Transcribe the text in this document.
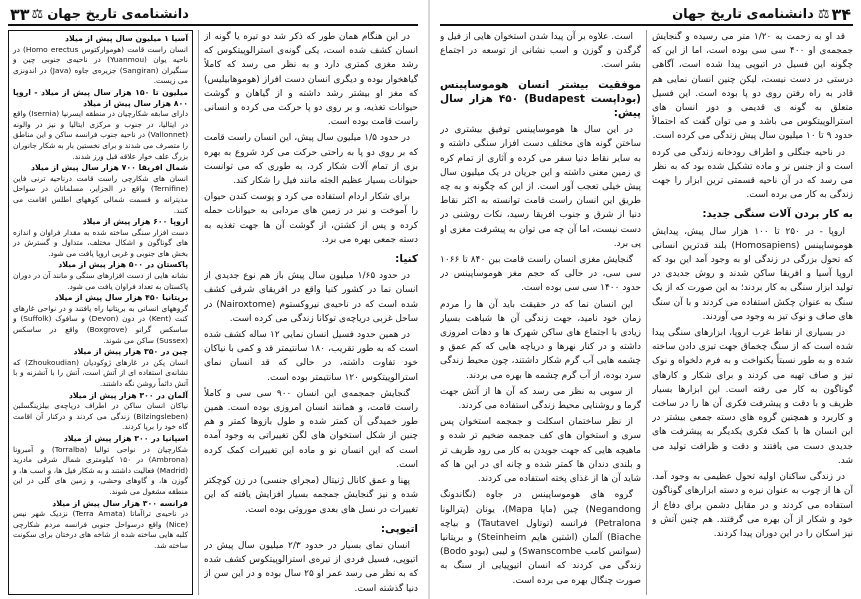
۳۳ ⚖ دانشنامه‌ی تاریخ جهان
آسیا ۱ میلیون سال پیش از میلاد
انسان راست قامت (هوموارکتوس Homo erectus) در ناحیه یوان (Yuanmou) در ناحیه‌ی جنوبی چین و سنگیران (Sangiran) جزیره‌ی جاوه (Java) در اندونزی می زیست.
میلیون تا ۱۵۰ هزار سال پیش از میلاد - اروپا ۸۰۰ هزار سال پیش از میلاد
دارای سابقه شکارچیان در منطقه ایسرنیا (Isernia) واقع در ایتالیا، در جنوب و مرکزی ایتالیا و نیز در والونه (Vallonnet) در ناحیه جنوب فرانسه ساکن و این مناطق را متصرف می شدند و برای نخستین بار به شکار جانوران بزرگ علف خوار علاقه قبل ورز شدند.
شمال افریقا ۷۰۰ هزار سال پیش از میلاد
انسان های شکارچی راست قامت درناحیه ترنی فاین (Ternifine) واقع در الجزایر، مسلمانان در سواحل مدیترانه و قسمت شمالی کوههای اطلس اقامت می کنند.
اروپا ۶۰۰ هزار پیش از میلاد
دست افزار سنگی ساخته شده به مقدار فراوان و اندازه های گوناگون و اشکال مختلف، متداول و گسترش در بخش های جنوبی و غربی اروپا یافت می شود.
پاکستان در ۵۰۰ هزار پیش از میلاد
نشانه هایی از دست افزارهای سنگی و مانند آن در دوران پاکستان به تعداد فراوان یافت می شود.
بریتانیا ۴۵۰ هزار سال پیش از میلاد
گروههای انسانی به بریتانیا راه یافتند و در نواحی غارهای کنت (Kent) در دون (Devon) و سافوک (Suffolk) و ساسکس گرانو (Boxgrove) واقع در ساسکس (Sussex) ساکن می شوند.
چین در ۳۵۰ هزار پیش از میلاد
انسان پکن در غارهای ژوکودیان (Zhoukoudian) که نشانه‌ی استفاده ای از آتش است، آتش را با آتشزنه و با آتش دائماً روشن نگه داشتند.
آلمان در ۳۰۰ هزار پیش از میلاد
نیاکان انسان ساکن در اطراف دریاچه‌ی بیلزینگسلبن (Bilzingsleben) زندگی می کردند و درکنار آن اقامت گاه خود را برپا کردند.
اسپانیا در ۳۰۰ هزار پیش از میلاد
شکارچیان در نواحی توالبا (Torralba) و آمبرونا (Ambrona) در ۱۵۰ کیلومتری شمال شرقی مادرید (Madrid) فعالیت داشتند و به شکار فیل ها، و اسب ها، و گوزن ها، و گاوهای وحشی، و زمین های گلی در این منطقه مشغول می شوند.
فرانسه ۳۰۰ هزار سال پیش از میلاد
در ناحیه‌ی تراآماتا (Terra Amata) نزدیک شهر نیس (Nice) واقع درسواحل جنوبی فرانسه مردم شکارچی کلبه هایی ساخته شده از شاخه های درختان برای سکونت ساخته شد.

در این هنگام همان طور که ذکر شد دو تیره یا گونه از انسان کشف شده است، یکی گونه‌ی استرالوپیتکوس که رشد مغزی کمتری دارد و به نظر می رسد که کاملاً گیاهخوار بوده و دیگری انسان دست افراز (هوموهابیلیس) که مغز او بیشتر رشد داشته و از گیاهان و گوشت حیوانات تغذیه، و بر روی دو پا حرکت می کرده و انسانی راست قامت بوده است.

در حدود ۱/۵ میلیون سال پیش، این انسان راست قامت که بر روی دو پا به راحتی حرکت می کرد شروع به بهره بری از تمام آلات شکار کرد، به طوری که می توانست حیوانات بسیار عظیم الجثه مانند فیل را شکار کند.

برای شکار اردام استفاده می کرد و پوست کندن حیوان را آموخت و نیز در زمین های مردابی به حیوانات حمله کرده و پس از کشتن، از گوشت آن ها جهت تغذیه به دسته جمعی بهره می برد.

کنیا:

در حدود ۱/۶۵ میلیون سال پیش باز هم نوع جدیدی از انسان نما در کشور کنیا واقع در افریقای شرقی کشف شده است که در ناحیه‌ی نیروکستوم (Nairoxtome) در ساحل غربی دریاچه‌ی توکانا زندگی می کرده است.

در همین حدود فسیل انسان نمایی ۱۲ ساله کشف شده است که به طور تقریب، ۱۸۰ سانتیمتر قد و کمی با نیاکان خود تفاوت داشته، در حالی که قد انسان نمای استرالوپیتکوس ۱۲۰ سانتیمتر بوده است.

گنجایش جمجمه‌ی این انسان ۹۰۰ سی سی و کاملاً راست قامت، و همانند انسان امروزی بوده است. همین طور خمیدگی آن کمتر شده و طول بازوها کمتر و هم چنین از شکل استخوان های لگن تغییراتی به وجود آمده است که این انسان نو و ماده این تغییرات کمک کرده است.

پهنا و عمق کانال ژنیتال (مجرای جنسی) در زن کوچکتر شده و نیز گنجایش جمجمه بسیار افزایش یافته که این تغییرات در نسل های بعدی موروثی بوده است.

اتیوپی:

انسان نمای بسیار در حدود ۲/۳ میلیون سال پیش در اتیوپی، فسیل فردی از تیره‌ی استرالوپیتکوس کشف شده که به نظر می رسد عمر او ۲۵ سال بوده و در این سن از دنیا گذشته است.

دانشنامه‌ی تاریخ جهان ⚖ ۳۴

است. علاوه بر آن پیدا شدن استخوان هایی از فیل و گرگدن و گوزن و اسب نشانی از توسعه در اجتماع بشر است.

موفقیت بیشتر انسان هوموساپینس (بوداپست Budapest) ۴۵۰ هزار سال پیش:

در این سال ها هوموساپینس توفیق بیشتری در ساختن گونه های مختلف دست افزار سنگی داشته و به سایر نقاط دنیا سفر می کرده و آثاری از تمام کره ی زمین معنی داشته و این جریان در یک میلیون سال پیش خیلی تعجب آور است. از این که چگونه و به چه طریق این انسان راست قامت توانسته به اکثر نقاط دنیا از شرق و جنوب افریقا رسید، نکات روشنی در دست نیست، اما آن چه می توان به پیشرفت مغزی او پی برد.

گنجایش مغزی انسان راست قامت بین ۸۴۰ تا ۱۰۶۶ سی سی، در حالی که حجم مغز هوموساپینس در حدود ۱۴۰۰ سی سی بوده است.

این انسان نما که در حقیقت باید آن ها را مردم زمان خود نامید، جهت زندگی آن ها شباهت بسیار زیادی با اجتماع های ساکن شهرک ها و دهات امروزی داشته و در کنار نهرها و دریاچه هایی که کم عمق و چشمه هایی آب گرم شکار داشتند، چون محیط زندگی سرد بوده، از آب گرم چشمه ها بهره می بردند.

از سویی به نظر می رسد که آن ها از آتش جهت گرما و روشنایی محیط زندگی استفاده می کردند.

از نظر ساختمان اسکلت و جمجمه استخوان پس سری و استخوان های کف جمجمه ضخیم تر شده و ماهیچه هایی که جهت جویدن به کار می رود ظریف تر و بلندی دندان ها کمتر شده و چانه ای در این ها که شاید آن ها از غذای پخته استفاده می کردند.

گروه های هوموساپینس در جاوه (نگاندونگ Negandong) چین (ماپا Mapa)، یونان (پترالونا Petralona) فرانسه (توتاول Tautavel) و بیاچه Biache) آلمان (اشتین هایم Steinheim) و بریتانیا (سوانس کامب Swanscombe) و لیبی (بودو Bodo) زندگی می کردند که انسان اتیوپیایی از سنگ به صورت چنگال بهره می برده است.

قد او به زحمت به ۱/۲۰ متر می رسیده و گنجایش جمجمه‌ی او ۴۰۰ سی سی بوده است، اما از این که چگونه این فسیل در اتیوپی پیدا شده است، آگاهی درستی در دست نیست، لیکن چنین انسان نمایی هم قادر به راه رفتن روی دو پا بوده است. این فسیل متعلق به گونه ی قدیمی و دور انسان های استرالوپیتکوس می باشد و می توان گفت که احتمالاً حدود ۹ تا ۱۰ میلیون سال پیش زندگی می کرده است.

در ناحیه جنگلی و اطراف رودخانه زندگی می کرده است و از جنس نر و ماده تشکیل شده بود که به نظر می رسد که در آن ناحیه قسمتی ترین ابزار را جهت زندگی به کار می برده است.

به کار بردن آلات سنگی جدید:

اروپا - در ۲۵۰ تا ۱۰۰ هزار سال پیش، پیدایش هوموساپینس (Homosapiens) بلند قدترین انسانی که تحول بزرگی در زندگی او به وجود آمد این بود که اروپا آسیا و افریقا ساکن شدند و روش جدیدی در تولید ابزار سنگی به کار بردند؛ به این صورت که از یک سنگ به عنوان چکش استفاده می کردند و با آن سنگ های صاف و نوک تیز به وجود می آوردند.

در بسیاری از نقاط غرب اروپا، ابزارهای سنگی پیدا شده است که از سنگ چخماق جهت تیزی دادن ساخته شده و به طور نسبتاً یکنواخت و به فرم دلخواه و نوک تیز و صاف تهیه می کردند و برای شکار و کارهای گوناگون به کار می رفته است. این ابزارها بسیار ظریف و با دقت و پیشرفت فکری آن ها را در ساخت و کاربرد و همچنین گروه های دسته جمعی بیشتر در این انسان ها با کمک فکری یکدیگر به پیشرفت های جدیدی دست می یافتند و دقت و ظرافت تولید می شد.

در زندگی ساکنان اولیه تحول عظیمی به وجود آمد. آن ها از چوب به عنوان نیزه و دسته ابزارهای گوناگون استفاده می کردند و در مقابل دشمن برای دفاع از خود و شکار از آن بهره می گرفتند. هم چنین آتش و نیز اسکان را در این دوران پیدا کردند.
